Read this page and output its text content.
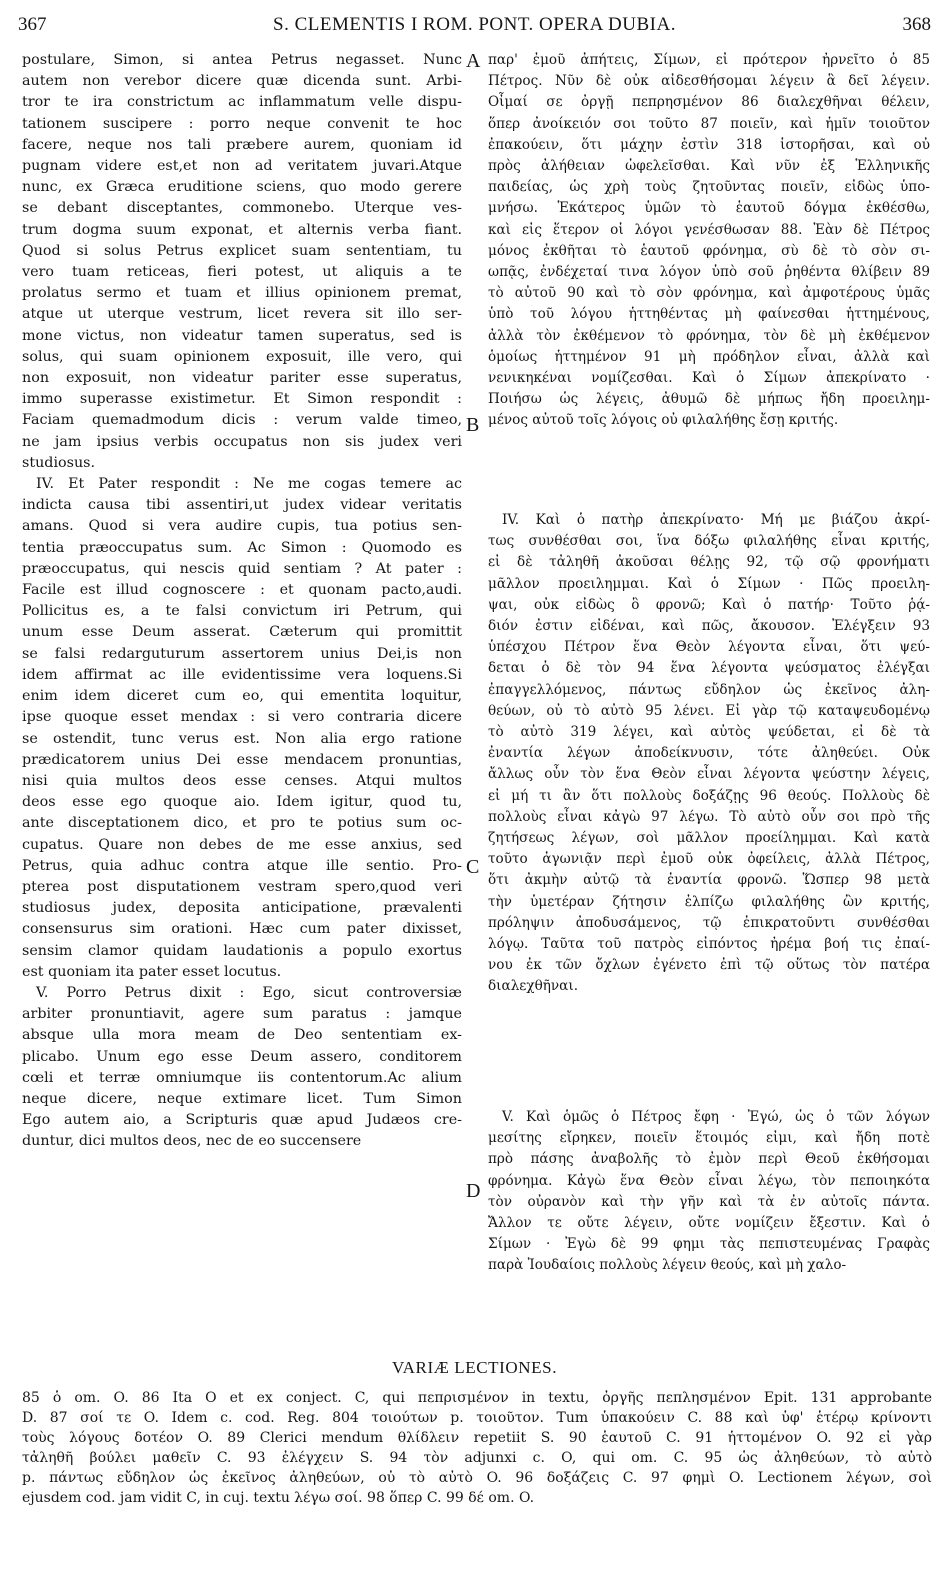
367	S. CLEMENTIS I ROM. PONT. OPERA DUBIA.	368
postulare, Simon, si antea Petrus negasset. Nunc
autem non verebor dicere quæ dicenda sunt. Arbi-
tror te ira constrictum ac inflammatum velle dispu-
tationem suscipere : porro neque convenit te hoc
facere, neque nos tali præbere aurem, quoniam id
pugnam videre est,et non ad veritatem juvari.Atque
nunc, ex Græca eruditione sciens, quo modo gerere
se debant disceptantes, commonebo. Uterque ves-
trum dogma suum exponat, et alternis verba fiant.
Quod si solus Petrus explicet suam sententiam, tu
vero tuam reticeas, fieri potest, ut aliquis a te
prolatus sermo et tuam et illius opinionem premat,
atque ut uterque vestrum, licet revera sit illo ser-
mone victus, non videatur tamen superatus, sed is
solus, qui suam opinionem exposuit, ille vero, qui
non exposuit, non videatur pariter esse superatus,
immo superasse existimetur. Et Simon respondit :
Faciam quemadmodum dicis : verum valde timeo,
ne jam ipsius verbis occupatus non sis judex veri
studiosus.
IV. Et Pater respondit : Ne me cogas temere ac
indicta causa tibi assentiri,ut judex videar veritatis
amans. Quod si vera audire cupis, tua potius sen-
tentia præoccupatus sum. Ac Simon : Quomodo es
præoccupatus, qui nescis quid sentiam ? At pater :
Facile est illud cognoscere : et quonam pacto,audi.
Pollicitus es, a te falsi convictum iri Petrum, qui
unum esse Deum asserat. Cæterum qui promittit
se falsi redarguturum assertorem unius Dei,is non
idem affirmat ac ille evidentissime vera loquens.Si
enim idem diceret cum eo, qui ementita loquitur,
ipse quoque esset mendax : si vero contraria dicere
se ostendit, tunc verus est. Non alia ergo ratione
prædicatorem unius Dei esse mendacem pronuntias,
nisi quia multos deos esse censes. Atqui multos
deos esse ego quoque aio. Idem igitur, quod tu,
ante disceptationem dico, et pro te potius sum oc-
cupatus. Quare non debes de me esse anxius, sed
Petrus, quia adhuc contra atque ille sentio. Pro-
pterea post disputationem vestram spero,quod veri
studiosus judex, deposita anticipatione, prævalenti
consensurus sim orationi. Hæc cum pater dixisset,
sensim clamor quidam laudationis a populo exortus
est quoniam ita pater esset locutus.
V. Porro Petrus dixit : Ego, sicut controversiæ
arbiter pronuntiavit, agere sum paratus : jamque
absque ulla mora meam de Deo sententiam ex-
plicabo. Unum ego esse Deum assero, conditorem
cœli et terræ omniumque iis contentorum.Ac alium
neque dicere, neque extimare licet. Tum Simon
Ego autem aio, a Scripturis quæ apud Judæos cre-
duntur, dici multos deos, nec de eo succensere
A
B
C
D
παρ' ἐμοῦ ἀπήτεις, Σίμων, εἰ πρότερον ἠρνεῖτο ὁ 85
Πέτρος. Νῦν δὲ οὐκ αἰδεσθήσομαι λέγειν ἃ δεῖ λέγειν.
Οἶμαί σε ὀργῇ πεπρησμένον 86 διαλεχθῆναι θέλειν,
ὅπερ ἀνοίκειόν σοι τοῦτο 87 ποιεῖν, καὶ ἡμῖν τοιοῦτον
ἐπακούειν, ὅτι μάχην ἐστὶν 318 ἱστορῆσαι, καὶ οὐ
πρὸς ἀλήθειαν ὠφελεῖσθαι. Καὶ νῦν ἐξ Ἑλληνικῆς
παιδείας, ὡς χρὴ τοὺς ζητοῦντας ποιεῖν, εἰδὼς ὑπο-
μνήσω. Ἑκάτερος ὑμῶν τὸ ἑαυτοῦ δόγμα ἐκθέσθω,
καὶ εἰς ἕτερον οἱ λόγοι γενέσθωσαν 88. Ἐὰν δὲ Πέτρος
μόνος ἐκθῆται τὸ ἑαυτοῦ φρόνημα, σὺ δὲ τὸ σὸν σι-
ωπᾷς, ἐνδέχεταί τινα λόγον ὑπὸ σοῦ ῥηθέντα θλίβειν 89
τὸ αὐτοῦ 90 καὶ τὸ σὸν φρόνημα, καὶ ἀμφοτέρους ὑμᾶς
ὑπὸ τοῦ λόγου ἡττηθέντας μὴ φαίνεσθαι ἡττημένους,
ἀλλὰ τὸν ἐκθέμενον τὸ φρόνημα, τὸν δὲ μὴ ἐκθέμενον
ὁμοίως ἡττημένον 91 μὴ πρόδηλον εἶναι, ἀλλὰ καὶ
νενικηκέναι νομίζεσθαι. Καὶ ὁ Σίμων ἀπεκρίνατο ·
Ποιήσω ὡς λέγεις, ἀθυμῶ δὲ μήπως ἤδη προειλημ-
μένος αὐτοῦ τοῖς λόγοις οὐ φιλαλήθης ἔσῃ κριτής.
IV. Καὶ ὁ πατὴρ ἀπεκρίνατο· Μή με βιάζου ἀκρί-
τως συνθέσθαι σοι, ἵνα δόξω φιλαλήθης εἶναι κριτής,
εἰ δὲ τἀληθῆ ἀκοῦσαι θέλῃς 92, τῷ σῷ φρονήματι
μᾶλλον προειλημμαι. Καὶ ὁ Σίμων · Πῶς προειλη-
ψαι, οὐκ εἰδὼς ὃ φρονῶ; Καὶ ὁ πατήρ· Τοῦτο ῥᾴ-
διόν ἐστιν εἰδέναι, καὶ πῶς, ἄκουσον. Ἐλέγξειν 93
ὑπέσχου Πέτρον ἕνα Θεὸν λέγοντα εἶναι, ὅτι ψεύ-
δεται ὁ δὲ τὸν 94 ἕνα λέγοντα ψεύσματος ἐλέγξαι
ἐπαγγελλόμενος, πάντως εὔδηλον ὡς ἐκεῖνος ἀλη-
θεύων, οὐ τὸ αὐτὸ 95 λένει. Εἰ γὰρ τῷ καταψευδομένῳ
τὸ αὐτὸ 319 λέγει, καὶ αὐτὸς ψεύδεται, εἰ δὲ τὰ
ἐναντία λέγων ἀποδείκνυσιν, τότε ἀληθεύει. Οὐκ
ἄλλως οὖν τὸν ἕνα Θεὸν εἶναι λέγοντα ψεύστην λέγεις,
εἰ μή τι ἂν ὅτι πολλοὺς δοξάζῃς 96 θεούς. Πολλοὺς δὲ
πολλοὺς εἶναι κἀγὼ 97 λέγω. Τὸ αὐτὸ οὖν σοι πρὸ τῆς
ζητήσεως λέγων, σοὶ μᾶλλον προείλημμαι. Καὶ κατὰ
τοῦτο ἀγωνιᾷν περὶ ἐμοῦ οὐκ ὀφείλεις, ἀλλὰ Πέτρος,
ὅτι ἀκμὴν αὐτῷ τὰ ἐναντία φρονῶ. Ὥσπερ 98 μετὰ
τὴν ὑμετέραν ζήτησιν ἐλπίζω φιλαλήθης ὢν κριτής,
πρόληψιν ἀποδυσάμενος, τῷ ἐπικρατοῦντι συνθέσθαι
λόγῳ. Ταῦτα τοῦ πατρὸς εἰπόντος ἠρέμα βοή τις ἐπαί-
νου ἐκ τῶν ὄχλων ἐγένετο ἐπὶ τῷ οὕτως τὸν πατέρα
διαλεχθῆναι.
V. Καὶ ὁμῶς ὁ Πέτρος ἔφη · Ἐγώ, ὡς ὁ τῶν λόγων
μεσίτης εἴρηκεν, ποιεῖν ἕτοιμός εἰμι, καὶ ἤδη ποτὲ
πρὸ πάσης ἀναβολῆς τὸ ἐμὸν περὶ Θεοῦ ἐκθήσομαι
φρόνημα. Κἀγὼ ἕνα Θεὸν εἶναι λέγω, τὸν πεποιηκότα
τὸν οὐρανὸν καὶ τὴν γῆν καὶ τὰ ἐν αὐτοῖς πάντα.
Ἄλλον τε οὔτε λέγειν, οὔτε νομίζειν ἔξεστιν. Καὶ ὁ
Σίμων · Ἐγὼ δὲ 99 φημι τὰς πεπιστευμένας Γραφὰς
παρὰ Ἰουδαίοις πολλοὺς λέγειν θεούς, καὶ μὴ χαλο-
VARIÆ LECTIONES.
85 ὁ om. O. 86 Ita O et ex conject. C, qui πεπρισμένον in textu, ὀργῆς πεπλησμένον Epit. 131 approbante
D. 87 σοί τε O. Idem c. cod. Reg. 804 τοιούτων p. τοιοῦτον. Tum ὑπακούειν C. 88 καὶ ὑφ' ἑτέρῳ κρίνοντι
τοὺς λόγους δοτέον O. 89 Clerici mendum θλίδλειν repetiit S. 90 ἑαυτοῦ C. 91 ἡττομένον O. 92 εἰ γὰρ
τἀληθῆ βούλει μαθεῖν C. 93 ἐλέγχειν S. 94 τὸν adjunxi c. O, qui om. C. 95 ὡς ἀληθεύων, τὸ αὐτὸ
p. πάντως εὔδηλον ὡς ἐκεῖνος ἀληθεύων, οὐ τὸ αὐτὸ O. 96 δοξάζεις C. 97 φημὶ O. Lectionem λέγων, σοὶ
ejusdem cod. jam vidit C, in cuj. textu λέγω σοί. 98 ὅπερ C. 99 δέ om. O.
